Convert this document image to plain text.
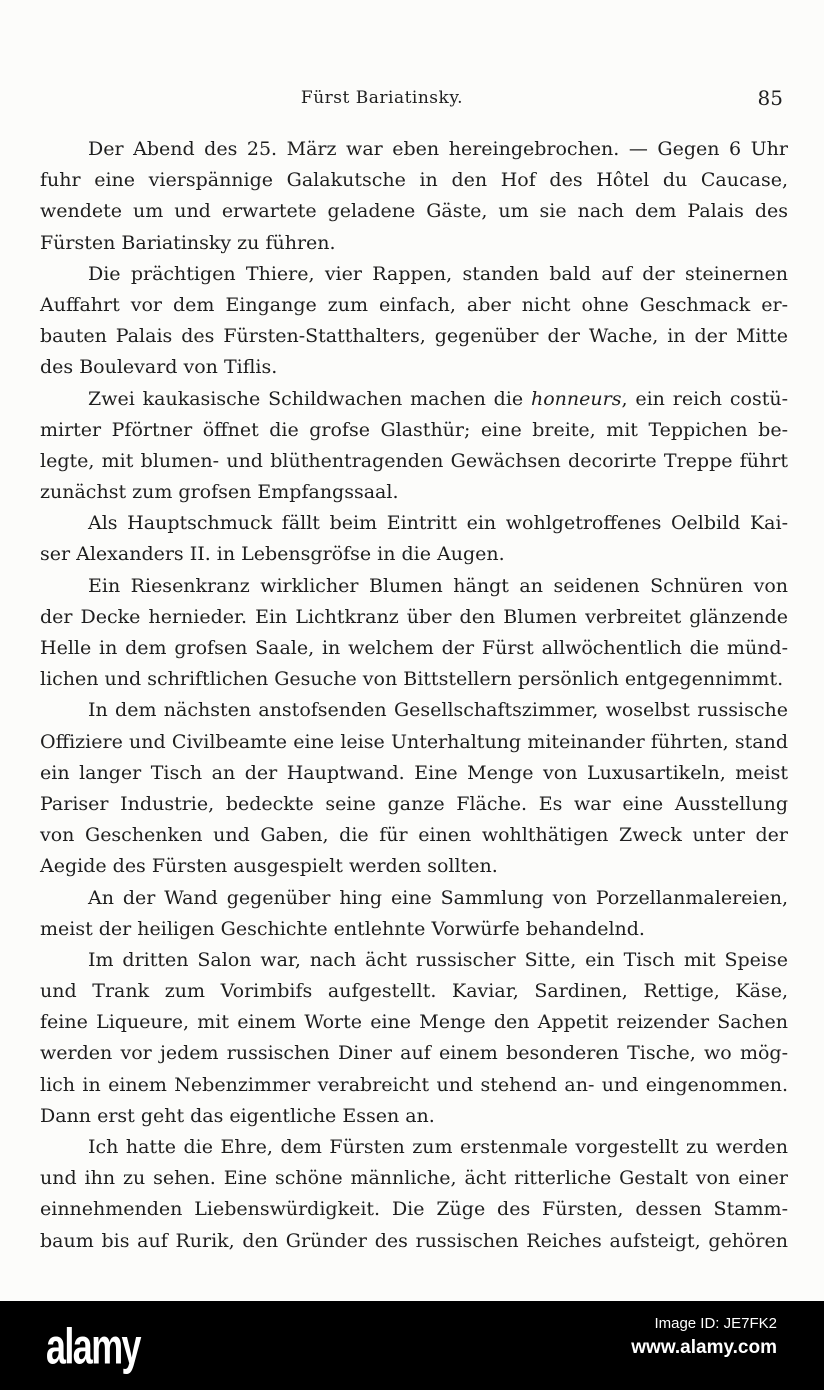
Fürst Bariatinsky.	85
Der Abend des 25. März war eben hereingebrochen. — Gegen 6 Uhr
fuhr eine vierspännige Galakutsche in den Hof des Hôtel du Caucase,
wendete um und erwartete geladene Gäste, um sie nach dem Palais des
Fürsten Bariatinsky zu führen.
Die prächtigen Thiere, vier Rappen, standen bald auf der steinernen
Auffahrt vor dem Eingange zum einfach, aber nicht ohne Geschmack er-
bauten Palais des Fürsten-Statthalters, gegenüber der Wache, in der Mitte
des Boulevard von Tiflis.
Zwei kaukasische Schildwachen machen die honneurs, ein reich costü-
mirter Pförtner öffnet die grofse Glasthür; eine breite, mit Teppichen be-
legte, mit blumen- und blüthentragenden Gewächsen decorirte Treppe führt
zunächst zum grofsen Empfangssaal.
Als Hauptschmuck fällt beim Eintritt ein wohlgetroffenes Oelbild Kai-
ser Alexanders II. in Lebensgröfse in die Augen.
Ein Riesenkranz wirklicher Blumen hängt an seidenen Schnüren von
der Decke hernieder. Ein Lichtkranz über den Blumen verbreitet glänzende
Helle in dem grofsen Saale, in welchem der Fürst allwöchentlich die münd-
lichen und schriftlichen Gesuche von Bittstellern persönlich entgegennimmt.
In dem nächsten anstofsenden Gesellschaftszimmer, woselbst russische
Offiziere und Civilbeamte eine leise Unterhaltung miteinander führten, stand
ein langer Tisch an der Hauptwand. Eine Menge von Luxusartikeln, meist
Pariser Industrie, bedeckte seine ganze Fläche. Es war eine Ausstellung
von Geschenken und Gaben, die für einen wohlthätigen Zweck unter der
Aegide des Fürsten ausgespielt werden sollten.
An der Wand gegenüber hing eine Sammlung von Porzellanmalereien,
meist der heiligen Geschichte entlehnte Vorwürfe behandelnd.
Im dritten Salon war, nach ächt russischer Sitte, ein Tisch mit Speise
und Trank zum Vorimbifs aufgestellt. Kaviar, Sardinen, Rettige, Käse,
feine Liqueure, mit einem Worte eine Menge den Appetit reizender Sachen
werden vor jedem russischen Diner auf einem besonderen Tische, wo mög-
lich in einem Nebenzimmer verabreicht und stehend an- und eingenommen.
Dann erst geht das eigentliche Essen an.
Ich hatte die Ehre, dem Fürsten zum erstenmale vorgestellt zu werden
und ihn zu sehen. Eine schöne männliche, ächt ritterliche Gestalt von einer
einnehmenden Liebenswürdigkeit. Die Züge des Fürsten, dessen Stamm-
baum bis auf Rurik, den Gründer des russischen Reiches aufsteigt, gehören
alamy	Image ID: JE7FK2
www.alamy.com
